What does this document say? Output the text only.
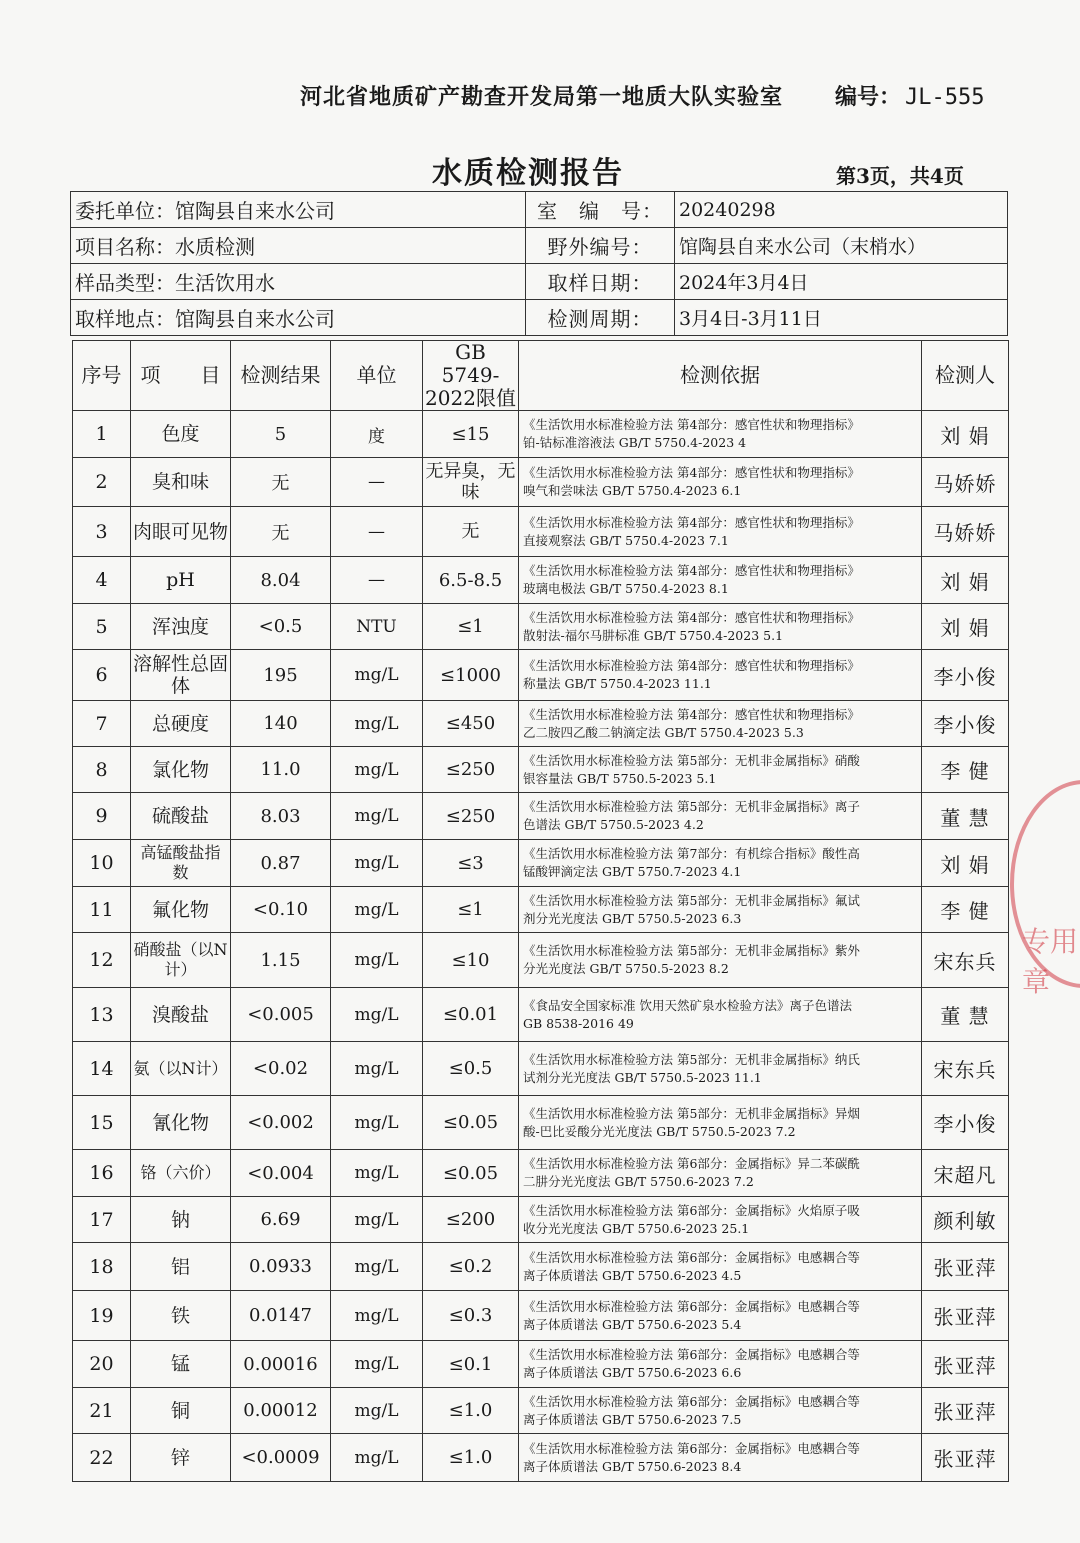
河北省地质矿产勘查开发局第一地质大队实验室 编号： JL-555
水质检测报告	第3页，共4页
委托单位：馆陶县自来水公司	室　编　号：	20240298
项目名称：水质检测	野外编号：	馆陶县自来水公司（末梢水）
样品类型：生活饮用水	取样日期：	2024年3月4日
取样地点：馆陶县自来水公司	检测周期：	3月4日-3月11日
序号	项　　目	检测结果	单位	GB 5749-
2022限值	检测依据	检测人
1	色度	5	度	≤15	《生活饮用水标准检验方法 第4部分：感官性状和物理指标》
铂-钴标准溶液法 GB/T 5750.4-2023 4	刘 娟
2	臭和味	无	—	无异臭，无味	《生活饮用水标准检验方法 第4部分：感官性状和物理指标》
嗅气和尝味法 GB/T 5750.4-2023 6.1	马娇娇
3	肉眼可见物	无	—	无	《生活饮用水标准检验方法 第4部分：感官性状和物理指标》
直接观察法 GB/T 5750.4-2023 7.1	马娇娇
4	pH	8.04	—	6.5-8.5	《生活饮用水标准检验方法 第4部分：感官性状和物理指标》
玻璃电极法 GB/T 5750.4-2023 8.1	刘 娟
5	浑浊度	<0.5	NTU	≤1	《生活饮用水标准检验方法 第4部分：感官性状和物理指标》
散射法-福尔马肼标准 GB/T 5750.4-2023 5.1	刘 娟
6	溶解性总固体	195	mg/L	≤1000	《生活饮用水标准检验方法 第4部分：感官性状和物理指标》
称量法 GB/T 5750.4-2023 11.1	李小俊
7	总硬度	140	mg/L	≤450	《生活饮用水标准检验方法 第4部分：感官性状和物理指标》
乙二胺四乙酸二钠滴定法 GB/T 5750.4-2023 5.3	李小俊
8	氯化物	11.0	mg/L	≤250	《生活饮用水标准检验方法 第5部分：无机非金属指标》硝酸
银容量法 GB/T 5750.5-2023 5.1	李 健
9	硫酸盐	8.03	mg/L	≤250	《生活饮用水标准检验方法 第5部分：无机非金属指标》离子
色谱法 GB/T 5750.5-2023 4.2	董 慧
10	高锰酸盐指数	0.87	mg/L	≤3	《生活饮用水标准检验方法 第7部分：有机综合指标》酸性高
锰酸钾滴定法 GB/T 5750.7-2023 4.1	刘 娟
11	氟化物	<0.10	mg/L	≤1	《生活饮用水标准检验方法 第5部分：无机非金属指标》氟试
剂分光光度法 GB/T 5750.5-2023 6.3	李 健
12	硝酸盐（以N计）	1.15	mg/L	≤10	《生活饮用水标准检验方法 第5部分：无机非金属指标》紫外
分光光度法 GB/T 5750.5-2023 8.2	宋东兵
13	溴酸盐	<0.005	mg/L	≤0.01	《食品安全国家标准 饮用天然矿泉水检验方法》离子色谱法
GB 8538-2016 49	董 慧
14	氨（以N计）	<0.02	mg/L	≤0.5	《生活饮用水标准检验方法 第5部分：无机非金属指标》纳氏
试剂分光光度法 GB/T 5750.5-2023 11.1	宋东兵
15	氰化物	<0.002	mg/L	≤0.05	《生活饮用水标准检验方法 第5部分：无机非金属指标》异烟
酸-巴比妥酸分光光度法 GB/T 5750.5-2023 7.2	李小俊
16	铬（六价）	<0.004	mg/L	≤0.05	《生活饮用水标准检验方法 第6部分：金属指标》异二苯碳酰
二肼分光光度法 GB/T 5750.6-2023 7.2	宋超凡
17	钠	6.69	mg/L	≤200	《生活饮用水标准检验方法 第6部分：金属指标》火焰原子吸
收分光光度法 GB/T 5750.6-2023 25.1	颜利敏
18	铝	0.0933	mg/L	≤0.2	《生活饮用水标准检验方法 第6部分：金属指标》电感耦合等
离子体质谱法 GB/T 5750.6-2023 4.5	张亚萍
19	铁	0.0147	mg/L	≤0.3	《生活饮用水标准检验方法 第6部分：金属指标》电感耦合等
离子体质谱法 GB/T 5750.6-2023 5.4	张亚萍
20	锰	0.00016	mg/L	≤0.1	《生活饮用水标准检验方法 第6部分：金属指标》电感耦合等
离子体质谱法 GB/T 5750.6-2023 6.6	张亚萍
21	铜	0.00012	mg/L	≤1.0	《生活饮用水标准检验方法 第6部分：金属指标》电感耦合等
离子体质谱法 GB/T 5750.6-2023 7.5	张亚萍
22	锌	<0.0009	mg/L	≤1.0	《生活饮用水标准检验方法 第6部分：金属指标》电感耦合等
离子体质谱法 GB/T 5750.6-2023 8.4	张亚萍
专用章
